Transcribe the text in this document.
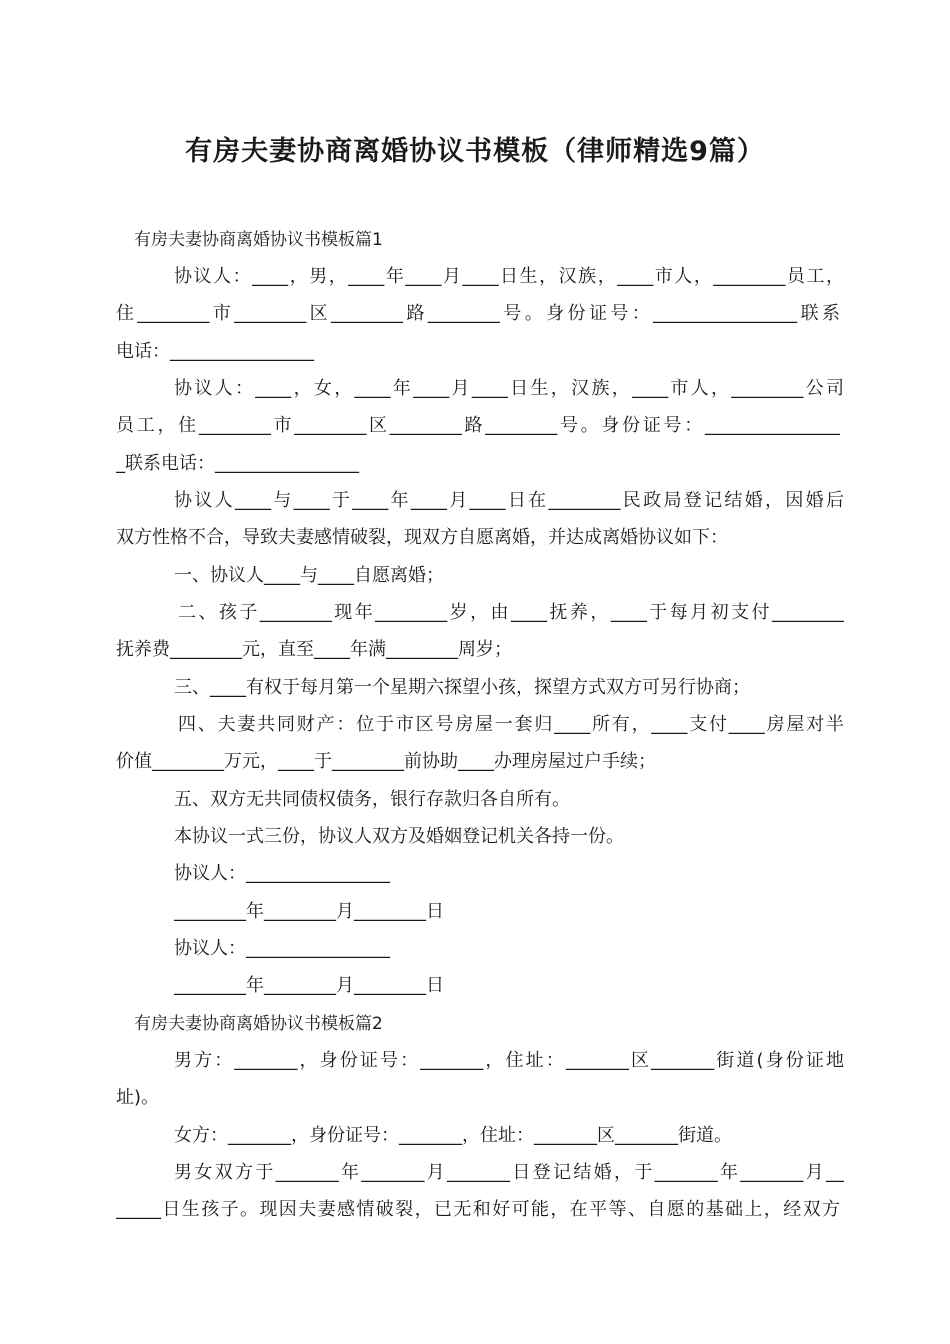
有房夫妻协商离婚协议书模板（律师精选9篇）
有房夫妻协商离婚协议书模板篇1
协议人：____，男，____年____月____日生，汉族，____市人，________员工，
住________市________区________路________号。身份证号：________________联系
电话：________________
协议人：____，女，____年____月____日生，汉族，____市人，________公司
员工，住________市________区________路________号。身份证号：_______________
_联系电话：________________
协议人____与____于____年____月____日在________民政局登记结婚，因婚后
双方性格不合，导致夫妻感情破裂，现双方自愿离婚，并达成离婚协议如下：
一、协议人____与____自愿离婚；
二、孩子________现年________岁，由____抚养，____于每月初支付________
抚养费________元，直至____年满________周岁；
三、____有权于每月第一个星期六探望小孩，探望方式双方可另行协商；
四、夫妻共同财产：位于市区号房屋一套归____所有，____支付____房屋对半
价值________万元，____于________前协助____办理房屋过户手续；
五、双方无共同债权债务，银行存款归各自所有。
本协议一式三份，协议人双方及婚姻登记机关各持一份。
协议人：________________
________年________月________日
协议人：________________
________年________月________日
有房夫妻协商离婚协议书模板篇2
男方：_______，身份证号：_______，住址：_______区_______街道(身份证地
址)。
女方：_______，身份证号：_______，住址：_______区_______街道。
男女双方于_______年_______月_______日登记结婚，于_______年_______月__
_____日生孩子。现因夫妻感情破裂，已无和好可能，在平等、自愿的基础上，经双方
